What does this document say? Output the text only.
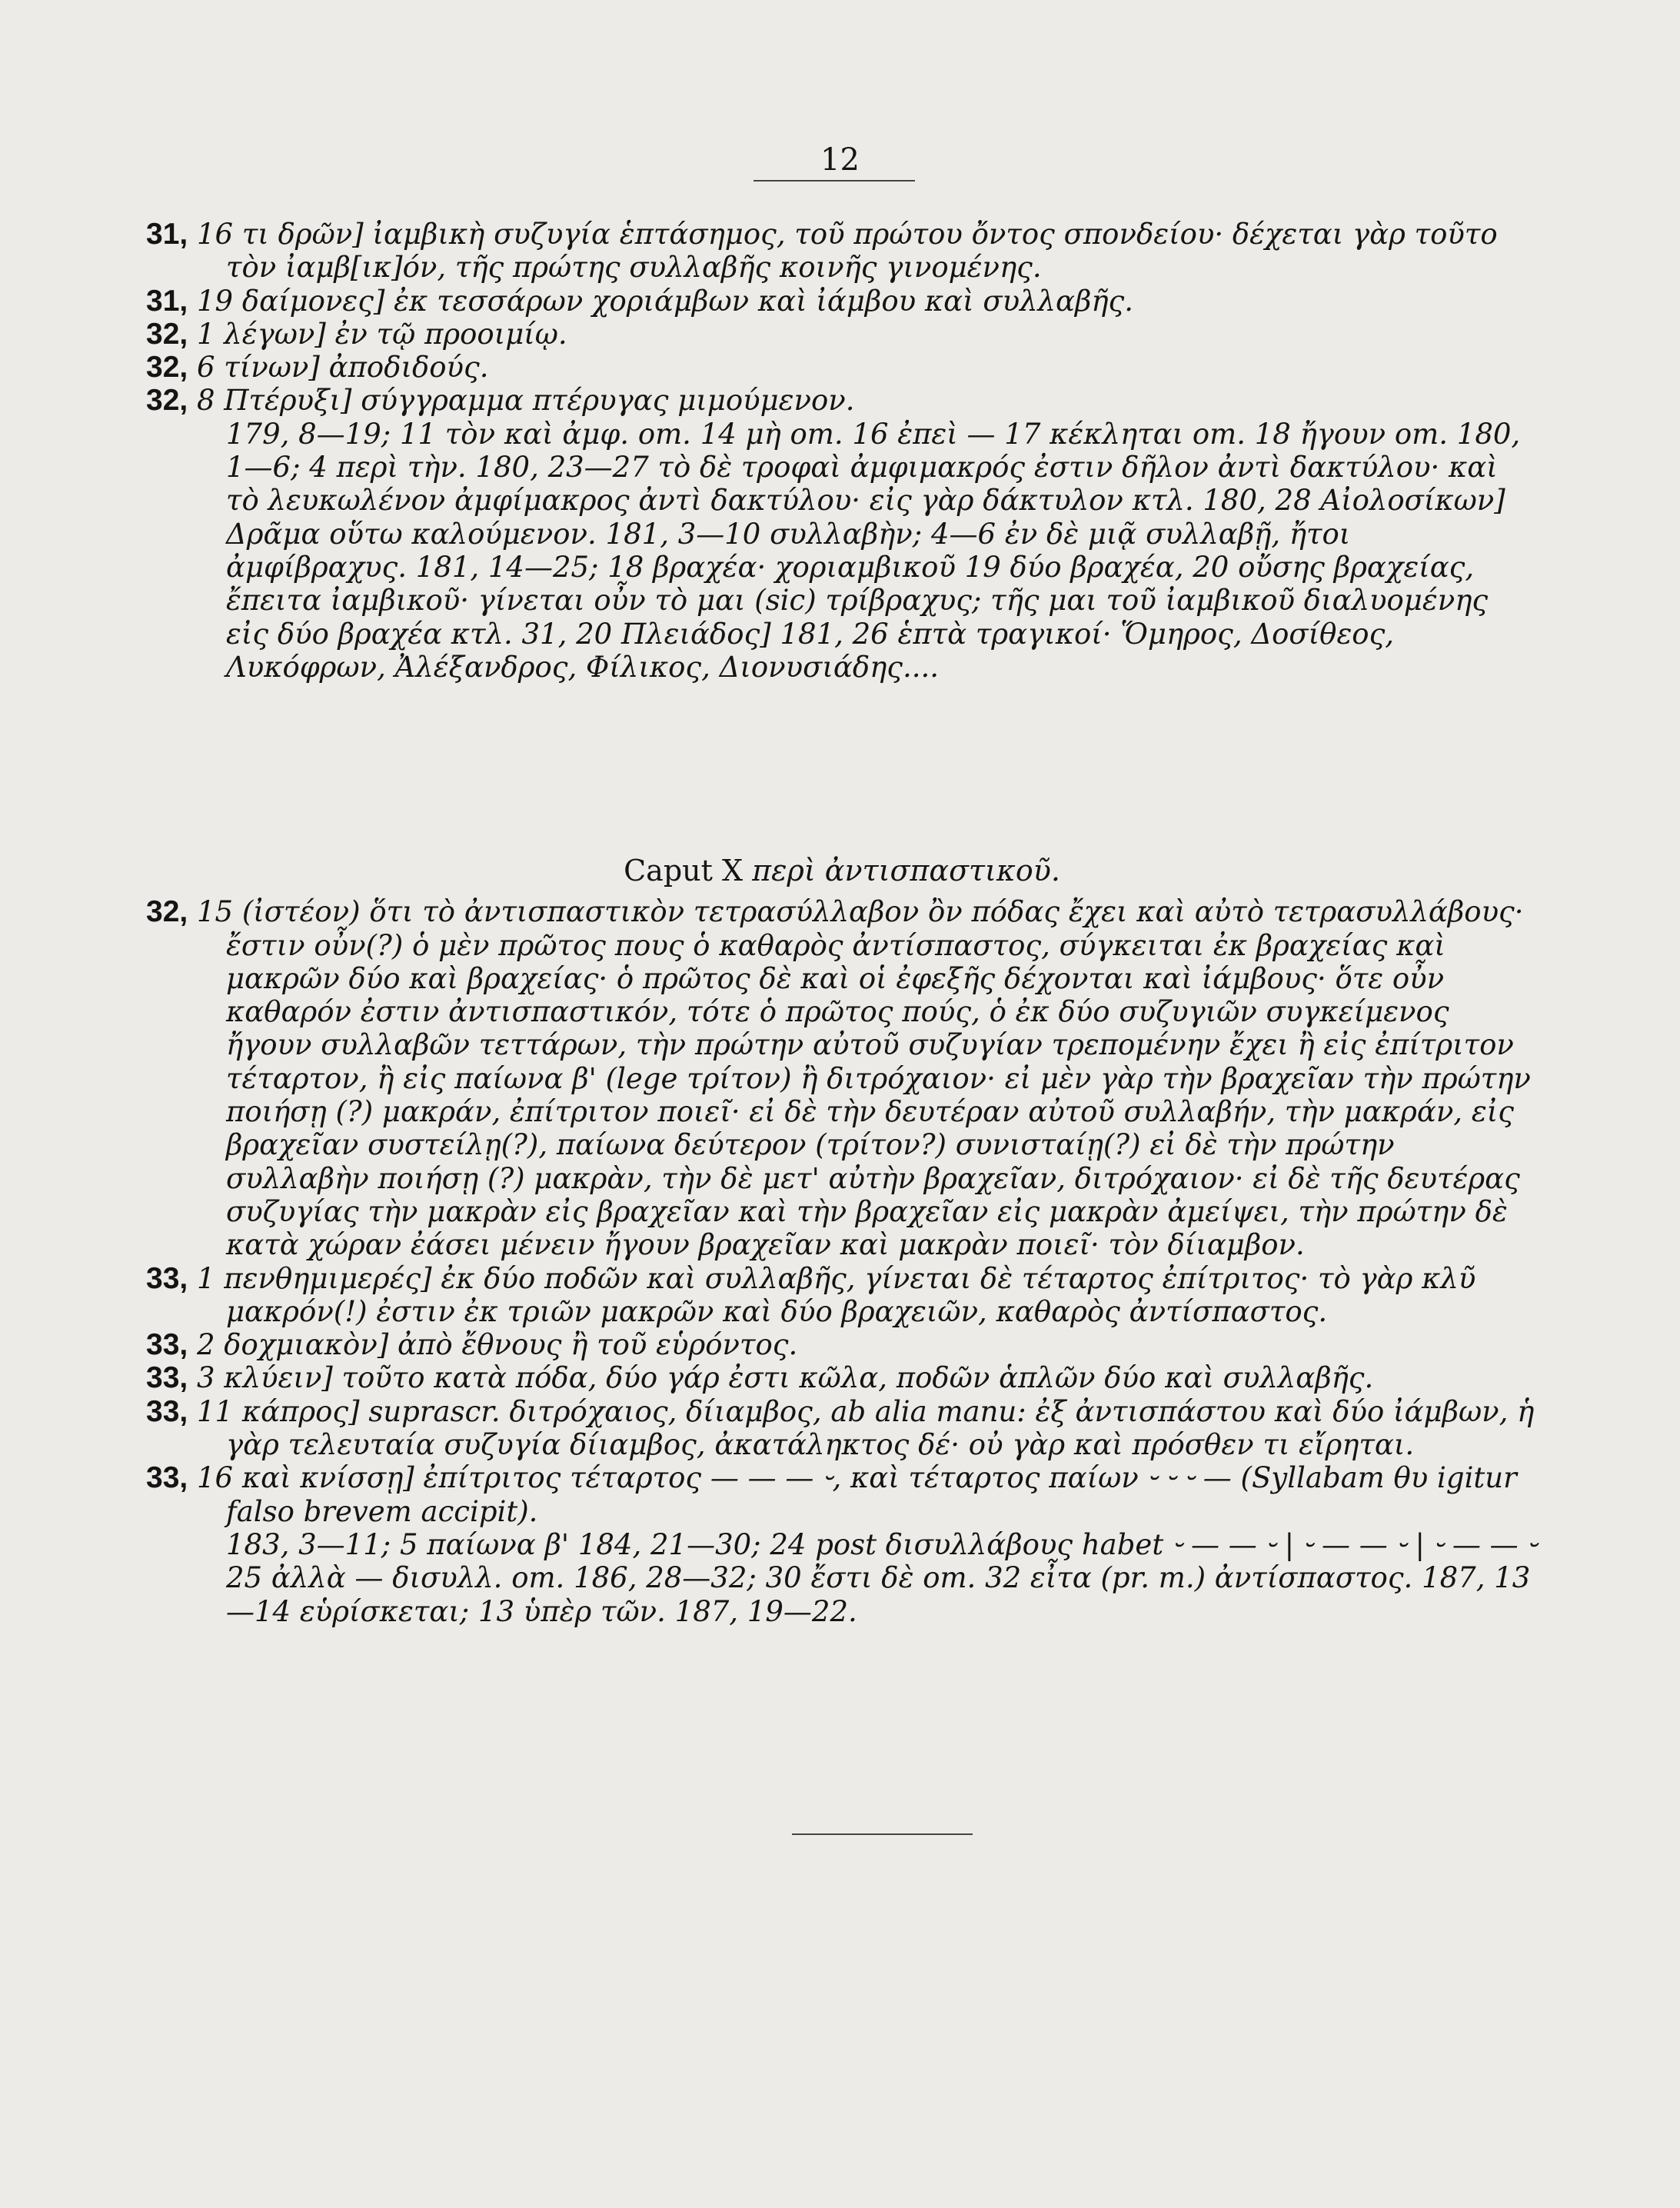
12
31, 16 τι δρῶν] ἰαμβικὴ συζυγία ἑπτάσημος, τοῦ πρώτου ὄντος σπονδείου· δέχεται γὰρ τοῦτο τὸν ἰαμβ[ικ]όν, τῆς πρώτης συλλαβῆς κοινῆς γινομένης.
31, 19 δαίμονες] ἐκ τεσσάρων χοριάμβων καὶ ἰάμβου καὶ συλλαβῆς.
32, 1 λέγων] ἐν τῷ προοιμίῳ.
32, 6 τίνων] ἀποδιδούς.
32, 8 Πτέρυξι] σύγγραμμα πτέρυγας μιμούμενον.
179, 8—19; 11 τὸν καὶ ἀμφ. om. 14 μὴ om. 16 ἐπεὶ — 17 κέκληται om. 18 ἤγουν om. 180, 1—6; 4 περὶ τὴν. 180, 23—27 τὸ δὲ τροφαὶ ἀμφιμακρός ἐστιν δῆλον ἀντὶ δακτύλου· καὶ τὸ λευκωλένον ἀμφίμακρος ἀντὶ δακτύλου· εἰς γὰρ δάκτυλον κτλ. 180, 28 Αἰολοσίκων] Δρᾶμα οὕτω καλούμενον. 181, 3—10 συλλαβὴν; 4—6 ἐν δὲ μιᾷ συλλαβῇ, ἤτοι ἀμφίβραχυς. 181, 14—25; 18 βραχέα· χοριαμβικοῦ 19 δύο βραχέα, 20 οὔσης βραχείας, ἔπειτα ἰαμβικοῦ· γίνεται οὖν τὸ μαι (sic) τρίβραχυς; τῆς μαι τοῦ ἰαμβικοῦ διαλυομένης εἰς δύο βραχέα κτλ. 31, 20 Πλειάδος] 181, 26 ἑπτὰ τραγικοί· Ὅμηρος, Δοσίθεος, Λυκόφρων, Ἀλέξανδρος, Φίλικος, Διονυσιάδης....
Caput X περὶ ἀντισπαστικοῦ.
32, 15 (ἰστέον) ὅτι τὸ ἀντισπαστικὸν τετρασύλλαβον ὂν πόδας ἔχει καὶ αὐτὸ τετρασυλλάβους· ἔστιν οὖν(?) ὁ μὲν πρῶτος πους ὁ καθαρὸς ἀντίσπαστος, σύγκειται ἐκ βραχείας καὶ μακρῶν δύο καὶ βραχείας· ὁ πρῶτος δὲ καὶ οἱ ἐφεξῆς δέχονται καὶ ἰάμβους· ὅτε οὖν καθαρόν ἐστιν ἀντισπαστικόν, τότε ὁ πρῶτος πούς, ὁ ἐκ δύο συζυγιῶν συγκείμενος ἤγουν συλλαβῶν τεττάρων, τὴν πρώτην αὐτοῦ συζυγίαν τρεπομένην ἔχει ἢ εἰς ἐπίτριτον τέταρτον, ἢ εἰς παίωνα β' (lege τρίτον) ἢ διτρόχαιον· εἰ μὲν γὰρ τὴν βραχεῖαν τὴν πρώτην ποιήσῃ (?) μακράν, ἐπίτριτον ποιεῖ· εἰ δὲ τὴν δευτέραν αὐτοῦ συλλαβήν, τὴν μακράν, εἰς βραχεῖαν συστείλῃ(?), παίωνα δεύτερον (τρίτον?) συνισταίῃ(?) εἰ δὲ τὴν πρώτην συλλαβὴν ποιήσῃ (?) μακρὰν, τὴν δὲ μετ' αὐτὴν βραχεῖαν, διτρόχαιον· εἰ δὲ τῆς δευτέρας συζυγίας τὴν μακρὰν εἰς βραχεῖαν καὶ τὴν βραχεῖαν εἰς μακρὰν ἀμείψει, τὴν πρώτην δὲ κατὰ χώραν ἐάσει μένειν ἤγουν βραχεῖαν καὶ μακρὰν ποιεῖ· τὸν δίιαμβον.
33, 1 πενθημιμερές] ἐκ δύο ποδῶν καὶ συλλαβῆς, γίνεται δὲ τέταρτος ἐπίτριτος· τὸ γὰρ κλῦ μακρόν(!) ἐστιν ἐκ τριῶν μακρῶν καὶ δύο βραχειῶν, καθαρὸς ἀντίσπαστος.
33, 2 δοχμιακὸν] ἀπὸ ἔθνους ἢ τοῦ εὑρόντος.
33, 3 κλύειν] τοῦτο κατὰ πόδα, δύο γάρ ἐστι κῶλα, ποδῶν ἁπλῶν δύο καὶ συλλαβῆς.
33, 11 κάπρος] suprascr. διτρόχαιος, δίιαμβος, ab alia manu: ἐξ ἀντισπάστου καὶ δύο ἰάμβων, ἡ γὰρ τελευταία συζυγία δίιαμβος, ἀκατάληκτος δέ· οὐ γὰρ καὶ πρόσθεν τι εἴρηται.
33, 16 καὶ κνίσσῃ] ἐπίτριτος τέταρτος — — — ⏑, καὶ τέταρτος παίων ⏑ ⏑ ⏑ — (Syllabam θυ igitur falso brevem accipit).
183, 3—11; 5 παίωνα β' 184, 21—30; 24 post δισυλλάβους habet ⏑ — — ⏑ | ⏑ — — ⏑ | ⏑ — — ⏑ 25 ἀλλὰ — δισυλλ. om. 186, 28—32; 30 ἔστι δὲ om. 32 εἶτα (pr. m.) ἀντίσπαστος. 187, 13—14 εὑρίσκεται; 13 ὑπὲρ τῶν. 187, 19—22.
